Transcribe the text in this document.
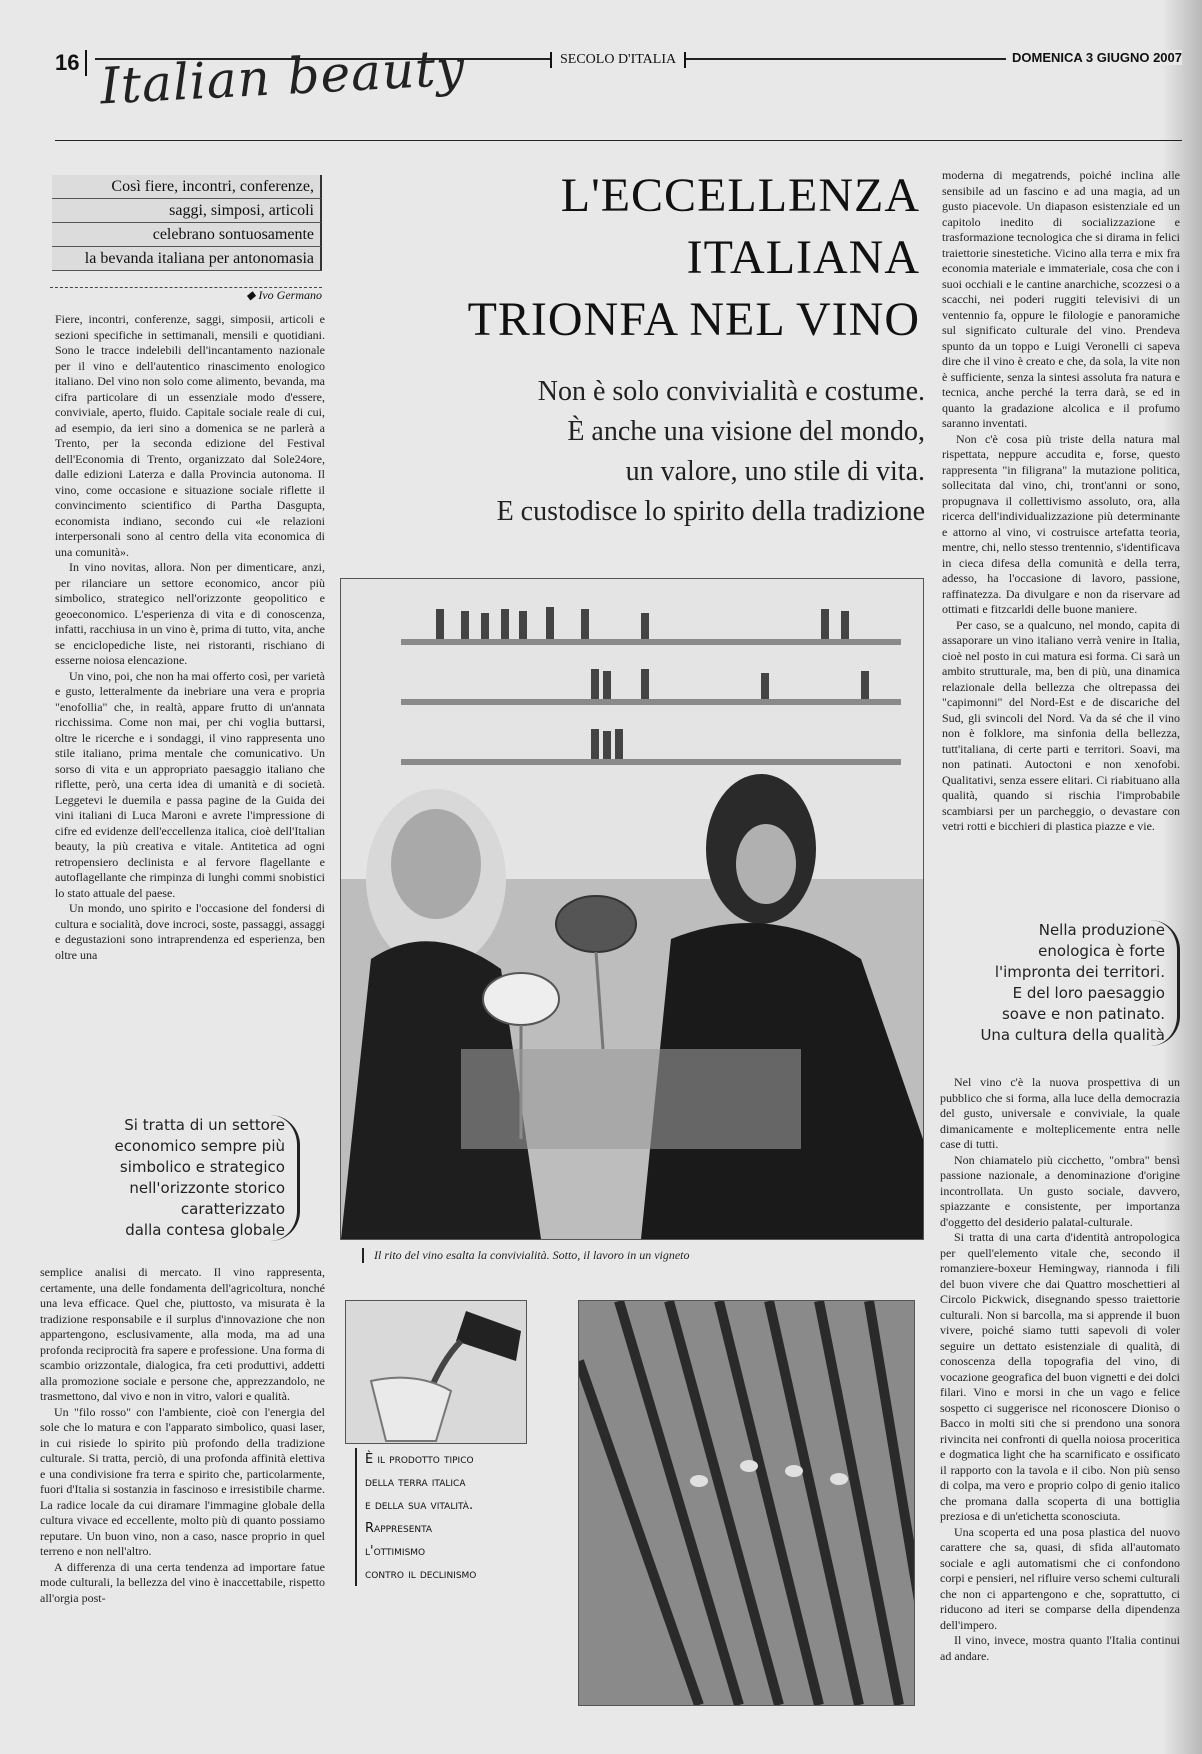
16	SECOLO D'ITALIA	DOMENICA 3 GIUGNO 2007
Italian beauty
Così fiere, incontri, conferenze,
saggi, simposi, articoli
celebrano sontuosamente
la bevanda italiana per antonomasia
◆ Ivo Germano
L'ECCELLENZA
ITALIANA
TRIONFA NEL VINO
Non è solo convivialità e costume.
È anche una visione del mondo,
un valore, uno stile di vita.
E custodisce lo spirito della tradizione

Fiere, incontri, conferenze, saggi, simposii, articoli e sezioni specifiche in settimanali, mensili e quotidiani. Sono le tracce indelebili dell'incantamento nazionale per il vino e dell'autentico rinascimento enologico italiano. Del vino non solo come alimento, bevanda, ma cifra particolare di un essenziale modo d'essere, conviviale, aperto, fluido. Capitale sociale reale di cui, ad esempio, da ieri sino a domenica se ne parlerà a Trento, per la seconda edizione del Festival dell'Economia di Trento, organizzato dal Sole24ore, dalle edizioni Laterza e dalla Provincia autonoma. Il vino, come occasione e situazione sociale riflette il convincimento scientifico di Partha Dasgupta, economista indiano, secondo cui «le relazioni interpersonali sono al centro della vita economica di una comunità».

In vino novitas, allora. Non per dimenticare, anzi, per rilanciare un settore economico, ancor più simbolico, strategico nell'orizzonte geopolitico e geoeconomico. L'esperienza di vita e di conoscenza, infatti, racchiusa in un vino è, prima di tutto, vita, anche se enciclopediche liste, nei ristoranti, rischiano di esserne noiosa elencazione.

Un vino, poi, che non ha mai offerto così, per varietà e gusto, letteralmente da inebriare una vera e propria "enofollia" che, in realtà, appare frutto di un'annata ricchissima. Come non mai, per chi voglia buttarsi, oltre le ricerche e i sondaggi, il vino rappresenta uno stile italiano, prima mentale che comunicativo. Un sorso di vita e un appropriato paesaggio italiano che riflette, però, una certa idea di umanità e di società. Leggetevi le duemila e passa pagine de la Guida dei vini italiani di Luca Maroni e avrete l'impressione di cifre ed evidenze dell'eccellenza italica, cioè dell'Italian beauty, la più creativa e vitale. Antitetica ad ogni retropensiero declinista e al fervore flagellante e autoflagellante che rimpinza di lunghi commi snobistici lo stato attuale del paese.

Un mondo, uno spirito e l'occasione del fondersi di cultura e socialità, dove incroci, soste, passaggi, assaggi e degustazioni sono intraprendenza ed esperienza, ben oltre una

Si tratta di un settore
economico sempre più
simbolico e strategico
nell'orizzonte storico
caratterizzato
dalla contesa globale

semplice analisi di mercato. Il vino rappresenta, certamente, una delle fondamenta dell'agricoltura, nonché una leva efficace. Quel che, piuttosto, va misurata è la tradizione responsabile e il surplus d'innovazione che non appartengono, esclusivamente, alla moda, ma ad una profonda reciprocità fra sapere e professione. Una forma di scambio orizzontale, dialogica, fra ceti produttivi, addetti alla promozione sociale e persone che, apprezzandolo, ne trasmettono, dal vivo e non in vitro, valori e qualità.

Un "filo rosso" con l'ambiente, cioè con l'energia del sole che lo matura e con l'apparato simbolico, quasi laser, in cui risiede lo spirito più profondo della tradizione culturale. Si tratta, perciò, di una profonda affinità elettiva e una condivisione fra terra e spirito che, particolarmente, fuori d'Italia si sostanzia in fascinoso e irresistibile charme. La radice locale da cui diramare l'immagine globale della cultura vivace ed eccellente, molto più di quanto possiamo reputare. Un buon vino, non a caso, nasce proprio in quel terreno e non nell'altro.

A differenza di una certa tendenza ad importare fatue mode culturali, la bellezza del vino è inaccettabile, rispetto all'orgia post-

Il rito del vino esalta la convivialità. Sotto, il lavoro in un vigneto
È il prodotto tipico
della terra italica
e della sua vitalità.
Rappresenta
l'ottimismo
contro il declinismo

moderna di megatrends, poiché inclina alle sensibile ad un fascino e ad una magia, ad un gusto piacevole. Un diapason esistenziale ed un capitolo inedito di socializzazione e trasformazione tecnologica che si dirama in felici traiettorie sinestetiche. Vicino alla terra e mix fra economia materiale e immateriale, cosa che con i suoi occhiali e le cantine anarchiche, scozzesi o a scacchi, nei poderi ruggiti televisivi di un ventennio fa, oppure le filologie e panoramiche sul significato culturale del vino. Prendeva spunto da un toppo e Luigi Veronelli ci sapeva dire che il vino è creato e che, da sola, la vite non è sufficiente, senza la sintesi assoluta fra natura e tecnica, anche perché la terra darà, se ed in quanto la gradazione alcolica e il profumo saranno inventati.

Non c'è cosa più triste della natura mal rispettata, neppure accudita e, forse, questo rappresenta "in filigrana" la mutazione politica, sollecitata dal vino, chi, tront'anni or sono, propugnava il collettivismo assoluto, ora, alla ricerca dell'individualizzazione più determinante e attorno al vino, vi costruisce artefatta teoria, mentre, chi, nello stesso trentennio, s'identificava in cieca difesa della comunità e della terra, adesso, ha l'occasione di lavoro, passione, raffinatezza. Da divulgare e non da riservare ad ottimati e fitzcarldi delle buone maniere.

Per caso, se a qualcuno, nel mondo, capita di assaporare un vino italiano verrà venire in Italia, cioè nel posto in cui matura esi forma. Ci sarà un ambito strutturale, ma, ben di più, una dinamica relazionale della bellezza che oltrepassa dei "capimonni" del Nord-Est e de discariche del Sud, gli svincoli del Nord. Va da sé che il vino non è folklore, ma sinfonia della bellezza, tutt'italiana, di certe parti e territori. Soavi, ma non patinati. Autoctoni e non xenofobi. Qualitativi, senza essere elitari. Ci riabituano alla qualità, quando si rischia l'improbabile scambiarsi per un parcheggio, o devastare con vetri rotti e bicchieri di plastica piazze e vie.

Nella produzione
enologica è forte
l'impronta dei territori.
E del loro paesaggio
soave e non patinato.
Una cultura della qualità

Nel vino c'è la nuova prospettiva di un pubblico che si forma, alla luce della democrazia del gusto, universale e conviviale, la quale dimanicamente e molteplicemente entra nelle case di tutti.

Non chiamatelo più cicchetto, "ombra" bensì passione nazionale, a denominazione d'origine incontrollata. Un gusto sociale, davvero, spiazzante e consistente, per importanza d'oggetto del desiderio palatal-culturale.

Si tratta di una carta d'identità antropologica per quell'elemento vitale che, secondo il romanziere-boxeur Hemingway, riannoda i fili del buon vivere che dai Quattro moschettieri al Circolo Pickwick, disegnando spesso traiettorie culturali. Non si barcolla, ma si apprende il buon vivere, poiché siamo tutti sapevoli di voler seguire un dettato esistenziale di qualità, di conoscenza della topografia del vino, di vocazione geografica del buon vignetti e dei dolci filari. Vino e morsi in che un vago e felice sospetto ci suggerisce nel riconoscere Dioniso o Bacco in molti siti che si prendono una sonora rivincita nei confronti di quella noiosa proceritica e dogmatica light che ha scarnificato e ossificato il rapporto con la tavola e il cibo. Non più senso di colpa, ma vero e proprio colpo di genio italico che promana dalla scoperta di una bottiglia preziosa e di un'etichetta sconosciuta.

Una scoperta ed una posa plastica del nuovo carattere che sa, quasi, di sfida all'automato sociale e agli automatismi che ci confondono corpi e pensieri, nel rifluire verso schemi culturali che non ci appartengono e che, soprattutto, ci riducono ad iteri se comparse della dipendenza dell'impero.

Il vino, invece, mostra quanto l'Italia continui ad andare.
